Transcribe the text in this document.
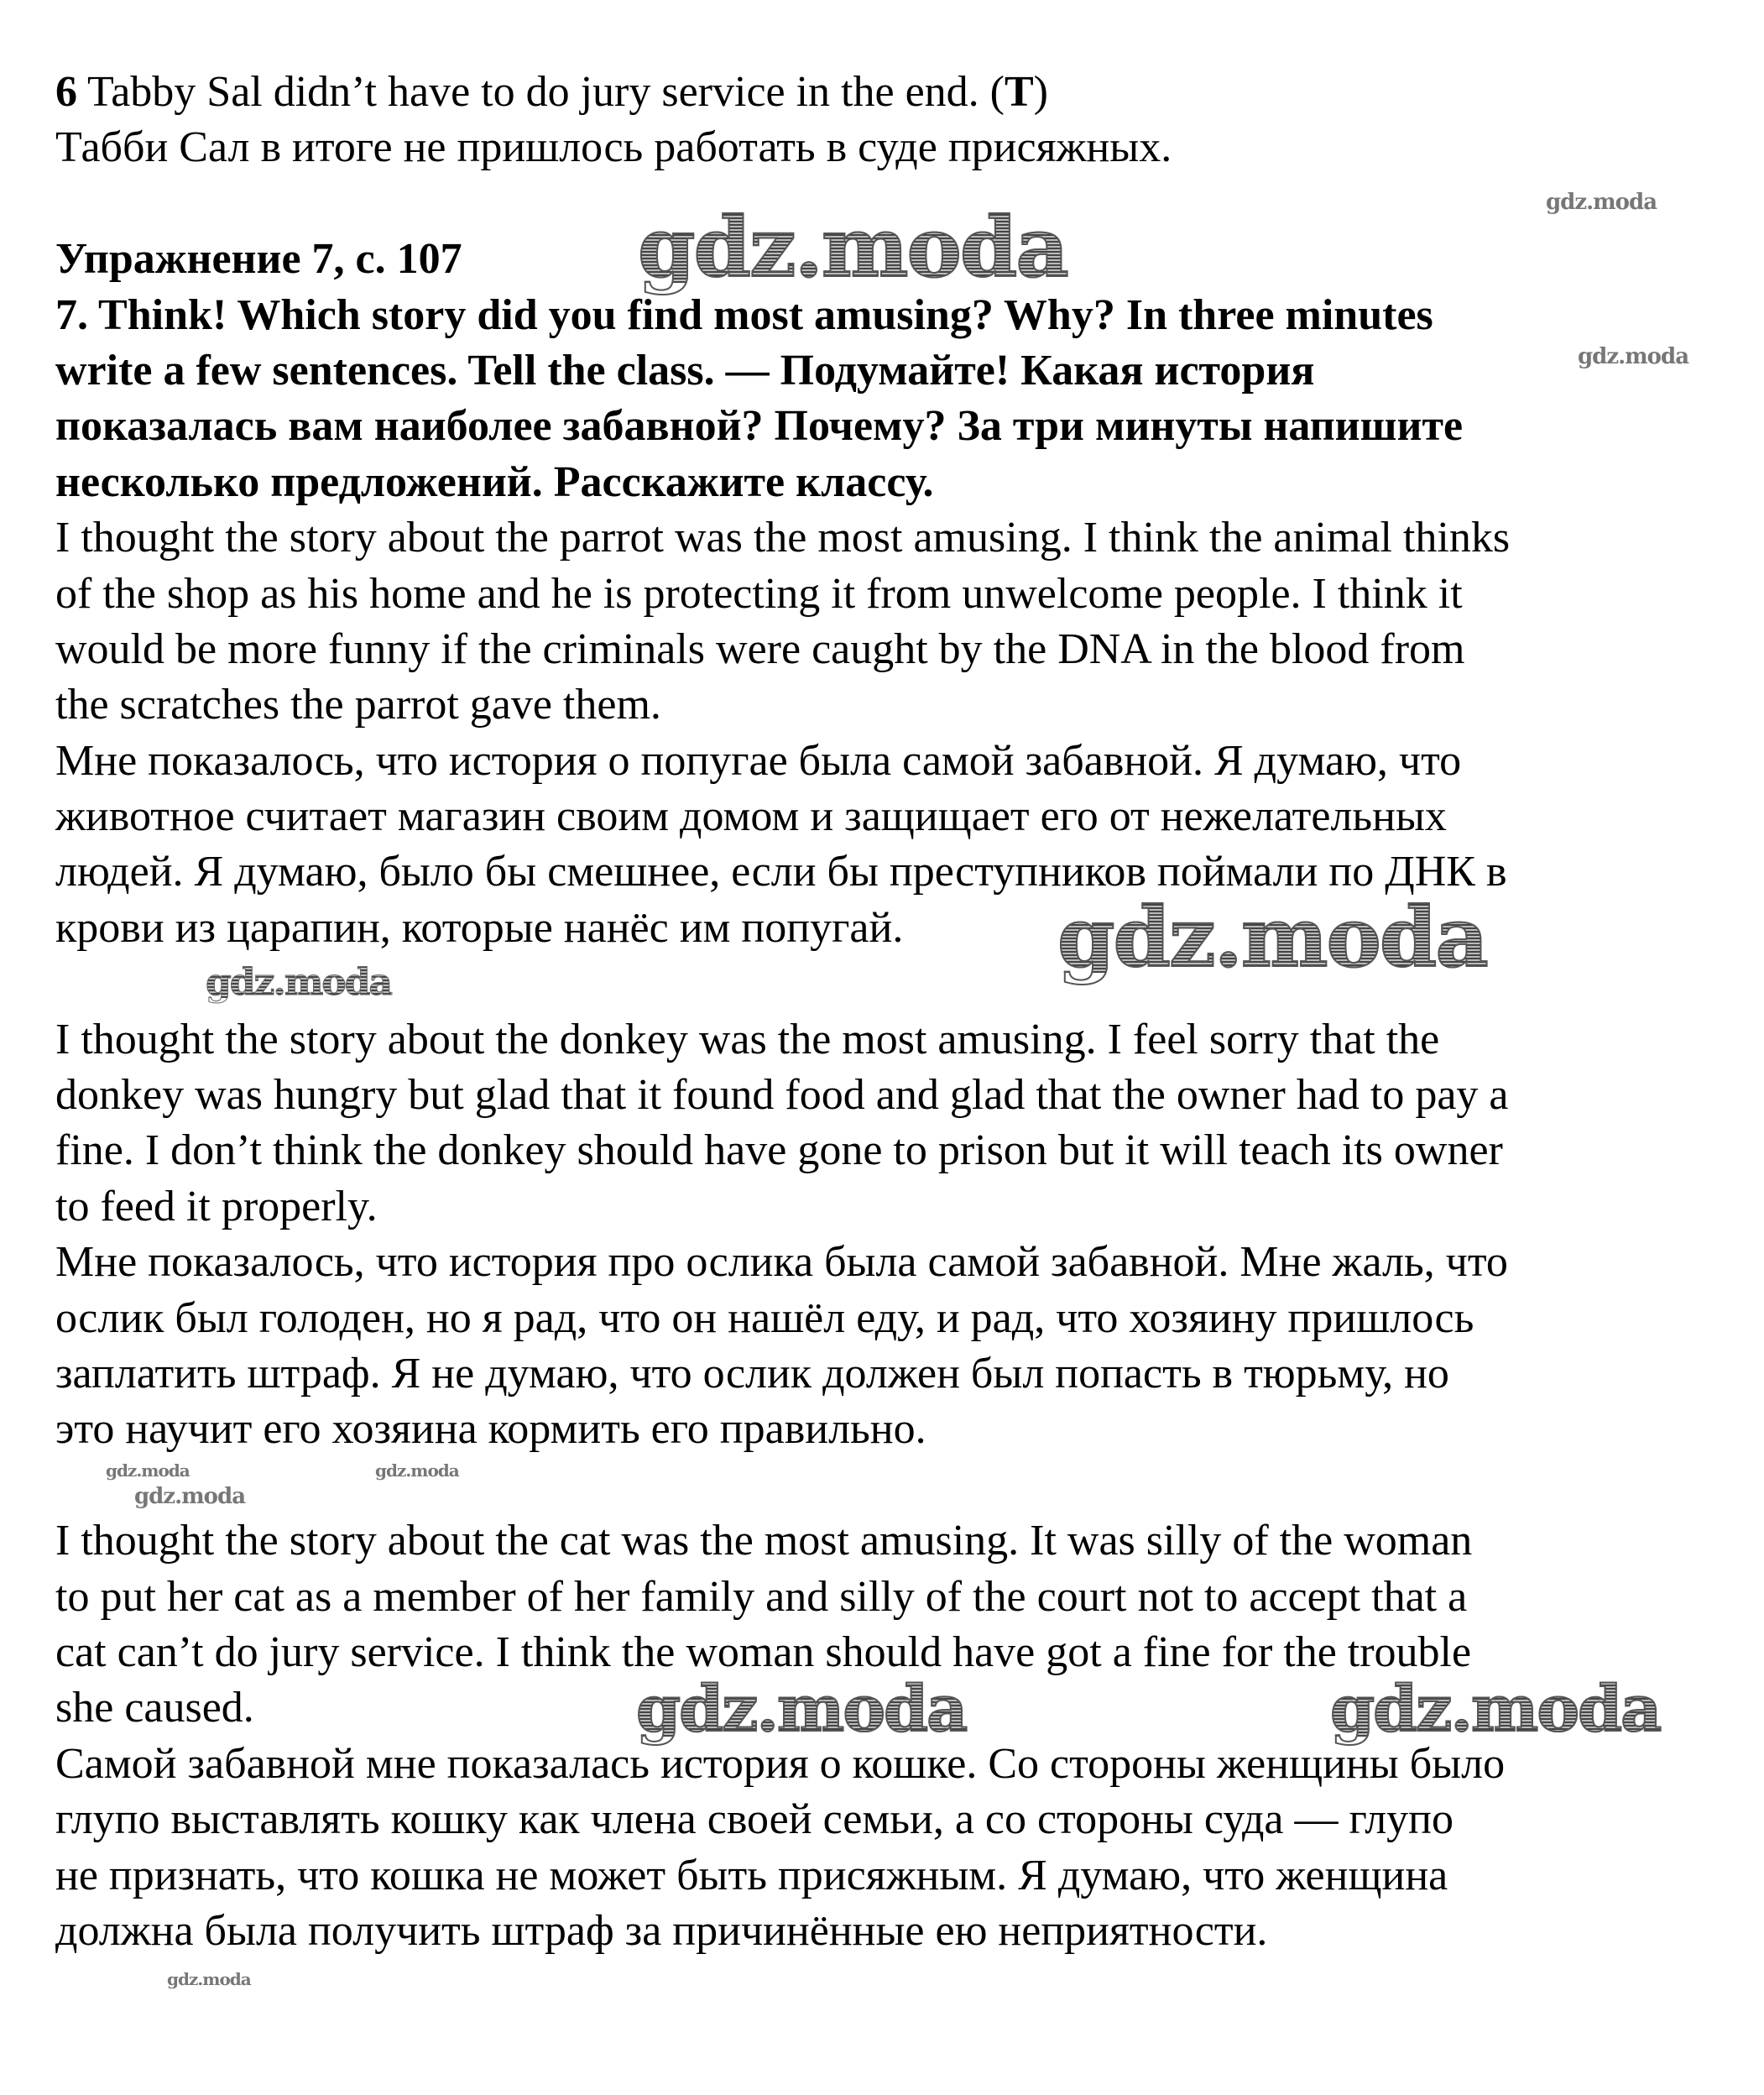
6 Tabby Sal didn’t have to do jury service in the end. (T)
Табби Сал в итоге не пришлось работать в суде присяжных.
Упражнение 7, с. 107
7. Think! Which story did you find most amusing? Why? In three minutes
write a few sentences. Tell the class. — Подумайте! Какая история
показалась вам наиболее забавной? Почему? За три минуты напишите
несколько предложений. Расскажите классу.
I thought the story about the parrot was the most amusing. I think the animal thinks
of the shop as his home and he is protecting it from unwelcome people. I think it
would be more funny if the criminals were caught by the DNA in the blood from
the scratches the parrot gave them.
Мне показалось, что история о попугае была самой забавной. Я думаю, что
животное считает магазин своим домом и защищает его от нежелательных
людей. Я думаю, было бы смешнее, если бы преступников поймали по ДНК в
крови из царапин, которые нанёс им попугай.
I thought the story about the donkey was the most amusing. I feel sorry that the
donkey was hungry but glad that it found food and glad that the owner had to pay a
fine. I don’t think the donkey should have gone to prison but it will teach its owner
to feed it properly.
Мне показалось, что история про ослика была самой забавной. Мне жаль, что
ослик был голоден, но я рад, что он нашёл еду, и рад, что хозяину пришлось
заплатить штраф. Я не думаю, что ослик должен был попасть в тюрьму, но
это научит его хозяина кормить его правильно.
I thought the story about the cat was the most amusing. It was silly of the woman
to put her cat as a member of her family and silly of the court not to accept that a
cat can’t do jury service. I think the woman should have got a fine for the trouble
she caused.
Самой забавной мне показалась история о кошке. Со стороны женщины было
глупо выставлять кошку как члена своей семьи, а со стороны суда — глупо
не признать, что кошка не может быть присяжным. Я думаю, что женщина
должна была получить штраф за причинённые ею неприятности.
gdz.moda
gdz.moda
gdz.moda	gdz.moda
gdz.moda
gdz.moda
gdz.moda
gdz.moda
gdz.moda	gdz.moda
gdz.moda
